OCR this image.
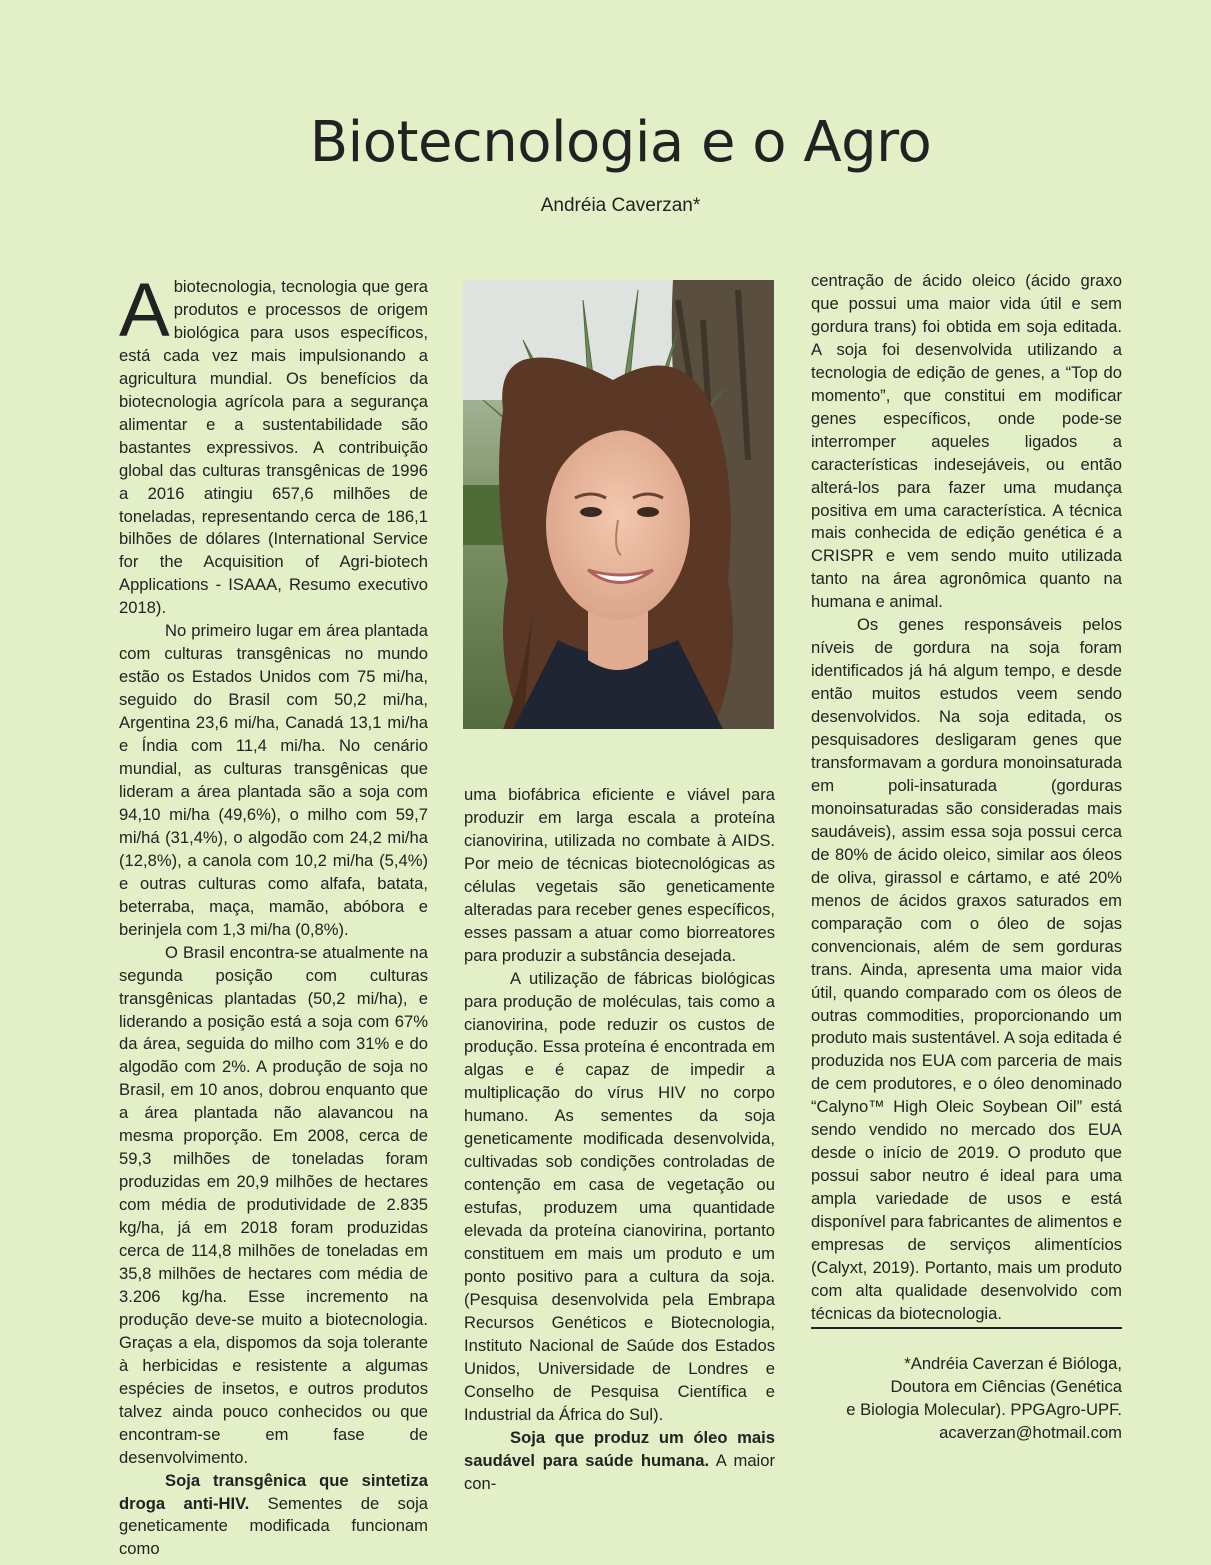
Biotecnologia e o Agro
Andréia Caverzan*

Abiotecnologia, tecnologia que gera produtos e processos de origem biológica para usos específicos, está cada vez mais impulsionando a agricultura mundial. Os benefícios da biotecnologia agrícola para a segurança alimentar e a sustentabilidade são bastantes expressivos. A contribuição global das culturas transgênicas de 1996 a 2016 atingiu 657,6 milhões de toneladas, representando cerca de 186,1 bilhões de dólares (International Service for the Acquisition of Agri-biotech Applications - ISAAA, Resumo executivo 2018).

No primeiro lugar em área plantada com culturas transgênicas no mundo estão os Estados Unidos com 75 mi/ha, seguido do Brasil com 50,2 mi/ha, Argentina 23,6 mi/ha, Canadá 13,1 mi/ha e Índia com 11,4 mi/ha. No cenário mundial, as culturas transgênicas que lideram a área plantada são a soja com 94,10 mi/ha (49,6%), o milho com 59,7 mi/há (31,4%), o algodão com 24,2 mi/ha (12,8%), a canola com 10,2 mi/ha (5,4%) e outras culturas como alfafa, batata, beterraba, maça, mamão, abóbora e berinjela com 1,3 mi/ha (0,8%).

O Brasil encontra-se atualmente na segunda posição com culturas transgênicas plantadas (50,2 mi/ha), e liderando a posição está a soja com 67% da área, seguida do milho com 31% e do algodão com 2%. A produção de soja no Brasil, em 10 anos, dobrou enquanto que a área plantada não alavancou na mesma proporção. Em 2008, cerca de 59,3 milhões de toneladas foram produzidas em 20,9 milhões de hectares com média de produtividade de 2.835 kg/ha, já em 2018 foram produzidas cerca de 114,8 milhões de toneladas em 35,8 milhões de hectares com média de 3.206 kg/ha. Esse incremento na produção deve-se muito a biotecnologia. Graças a ela, dispomos da soja tolerante à herbicidas e resistente a algumas espécies de insetos, e outros produtos talvez ainda pouco conhecidos ou que encontram-se em fase de desenvolvimento.

Soja transgênica que sintetiza droga anti-HIV. Sementes de soja geneticamente modificada funcionam como

uma biofábrica eficiente e viável para produzir em larga escala a proteína cianovirina, utilizada no combate à AIDS. Por meio de técnicas biotecnológicas as células vegetais são geneticamente alteradas para receber genes específicos, esses passam a atuar como biorreatores para produzir a substância desejada.

A utilização de fábricas biológicas para produção de moléculas, tais como a cianovirina, pode reduzir os custos de produção. Essa proteína é encontrada em algas e é capaz de impedir a multiplicação do vírus HIV no corpo humano. As sementes da soja geneticamente modificada desenvolvida, cultivadas sob condições controladas de contenção em casa de vegetação ou estufas, produzem uma quantidade elevada da proteína cianovirina, portanto constituem em mais um produto e um ponto positivo para a cultura da soja. (Pesquisa desenvolvida pela Embrapa Recursos Genéticos e Biotecnologia, Instituto Nacional de Saúde dos Estados Unidos, Universidade de Londres e Conselho de Pesquisa Científica e Industrial da África do Sul).

Soja que produz um óleo mais saudável para saúde humana. A maior con-

centração de ácido oleico (ácido graxo que possui uma maior vida útil e sem gordura trans) foi obtida em soja editada. A soja foi desenvolvida utilizando a tecnologia de edição de genes, a “Top do momento”, que constitui em modificar genes específicos, onde pode-se interromper aqueles ligados a características indesejáveis, ou então alterá-los para fazer uma mudança positiva em uma característica. A técnica mais conhecida de edição genética é a CRISPR e vem sendo muito utilizada tanto na área agronômica quanto na humana e animal.

Os genes responsáveis pelos níveis de gordura na soja foram identificados já há algum tempo, e desde então muitos estudos veem sendo desenvolvidos. Na soja editada, os pesquisadores desligaram genes que transformavam a gordura monoinsaturada em poli-insaturada (gorduras monoinsaturadas são consideradas mais saudáveis), assim essa soja possui cerca de 80% de ácido oleico, similar aos óleos de oliva, girassol e cártamo, e até 20% menos de ácidos graxos saturados em comparação com o óleo de sojas convencionais, além de sem gorduras trans. Ainda, apresenta uma maior vida útil, quando comparado com os óleos de outras commodities, proporcionando um produto mais sustentável. A soja editada é produzida nos EUA com parceria de mais de cem produtores, e o óleo denominado “Calyno™ High Oleic Soybean Oil” está sendo vendido no mercado dos EUA desde o início de 2019. O produto que possui sabor neutro é ideal para uma ampla variedade de usos e está disponível para fabricantes de alimentos e empresas de serviços alimentícios (Calyxt, 2019). Portanto, mais um produto com alta qualidade desenvolvido com técnicas da biotecnologia.

*Andréia Caverzan é Bióloga,
Doutora em Ciências (Genética
e Biologia Molecular). PPGAgro-UPF.
acaverzan@hotmail.com
